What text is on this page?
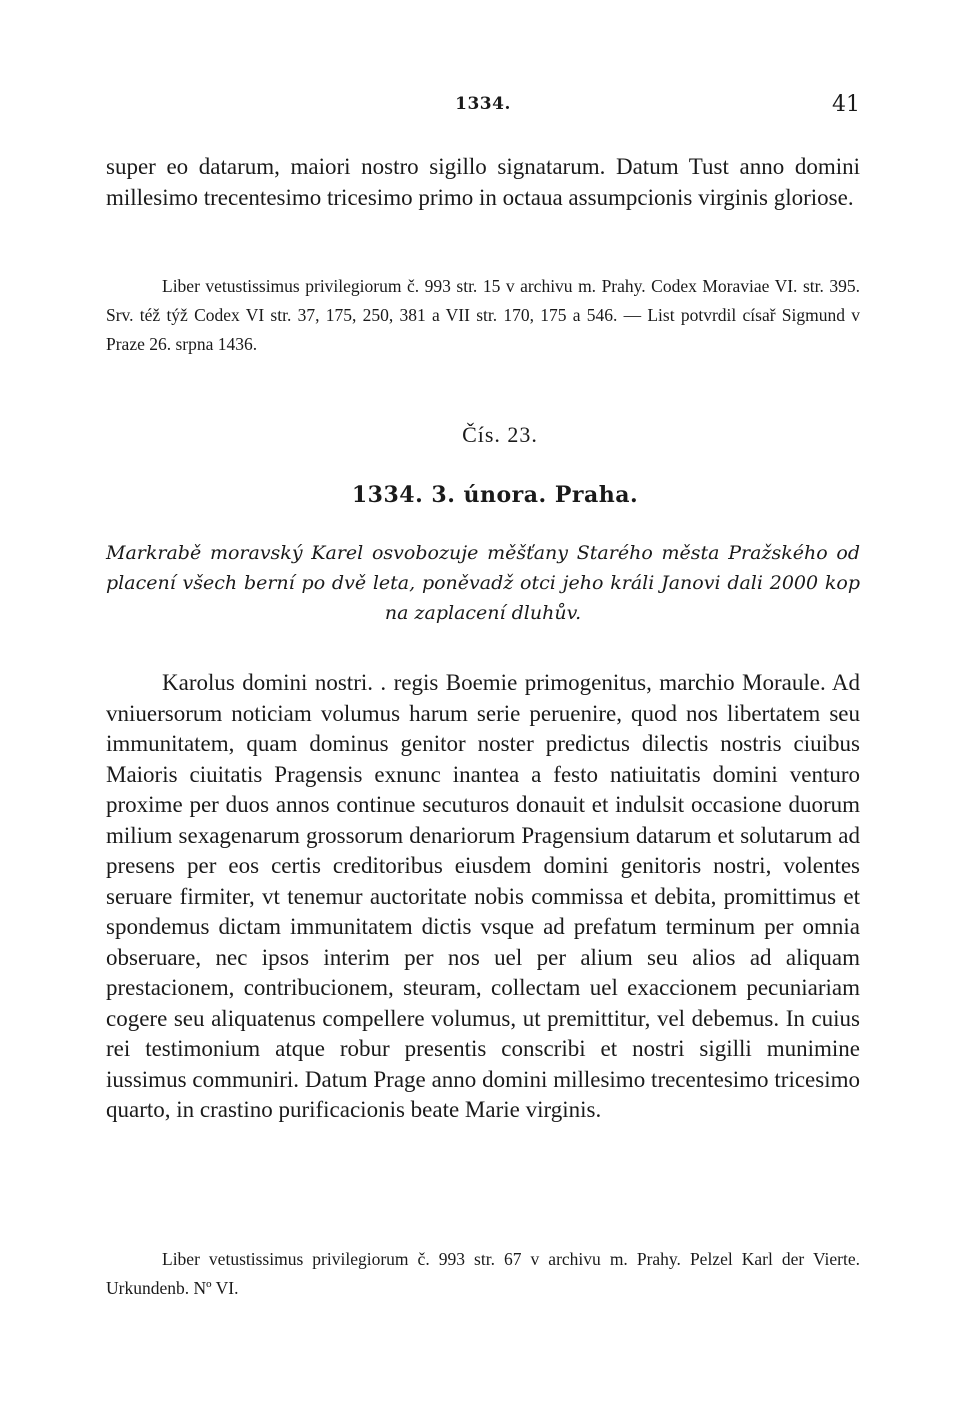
1334.	41

super eo datarum, maiori nostro sigillo signatarum. Datum Tust anno domini millesimo trecentesimo tricesimo primo in octaua assumpcionis virginis gloriose.

Liber vetustissimus privilegiorum č. 993 str. 15 v archivu m. Prahy. Codex Moraviae VI. str. 395. Srv. též týž Codex VI str. 37, 175, 250, 381 a VII str. 170, 175 a 546. — List potvrdil císař Sigmund v Praze 26. srpna 1436.

Čís. 23.
1334. 3. února. Praha.
Markrabě moravský Karel osvobozuje měšťany Starého města Pražského od placení všech berní po dvě leta, poněvadž otci jeho králi Janovi dali 2000 kop na zaplacení dluhův.

Karolus domini nostri. . regis Boemie primogenitus, marchio Moraule. Ad vniuersorum noticiam volumus harum serie peruenire, quod nos libertatem seu immunitatem, quam dominus genitor noster predictus dilectis nostris ciuibus Maioris ciuitatis Pragensis exnunc inantea a festo natiuitatis domini venturo proxime per duos annos continue secuturos donauit et indulsit occasione duorum milium sexagenarum grossorum denariorum Pragensium datarum et solutarum ad presens per eos certis creditoribus eiusdem domini genitoris nostri, volentes seruare firmiter, vt tenemur auctoritate nobis commissa et debita, promittimus et spondemus dictam immunitatem dictis vsque ad prefatum terminum per omnia obseruare, nec ipsos interim per nos uel per alium seu alios ad aliquam prestacionem, contribucionem, steuram, collectam uel exaccionem pecuniariam cogere seu aliquatenus compellere volumus, ut premittitur, vel debemus. In cuius rei testimonium atque robur presentis conscribi et nostri sigilli munimine iussimus communiri. Datum Prage anno domini millesimo trecentesimo tricesimo quarto, in crastino purificacionis beate Marie virginis.

Liber vetustissimus privilegiorum č. 993 str. 67 v archivu m. Prahy. Pelzel Karl der Vierte. Urkundenb. Nº VI.
